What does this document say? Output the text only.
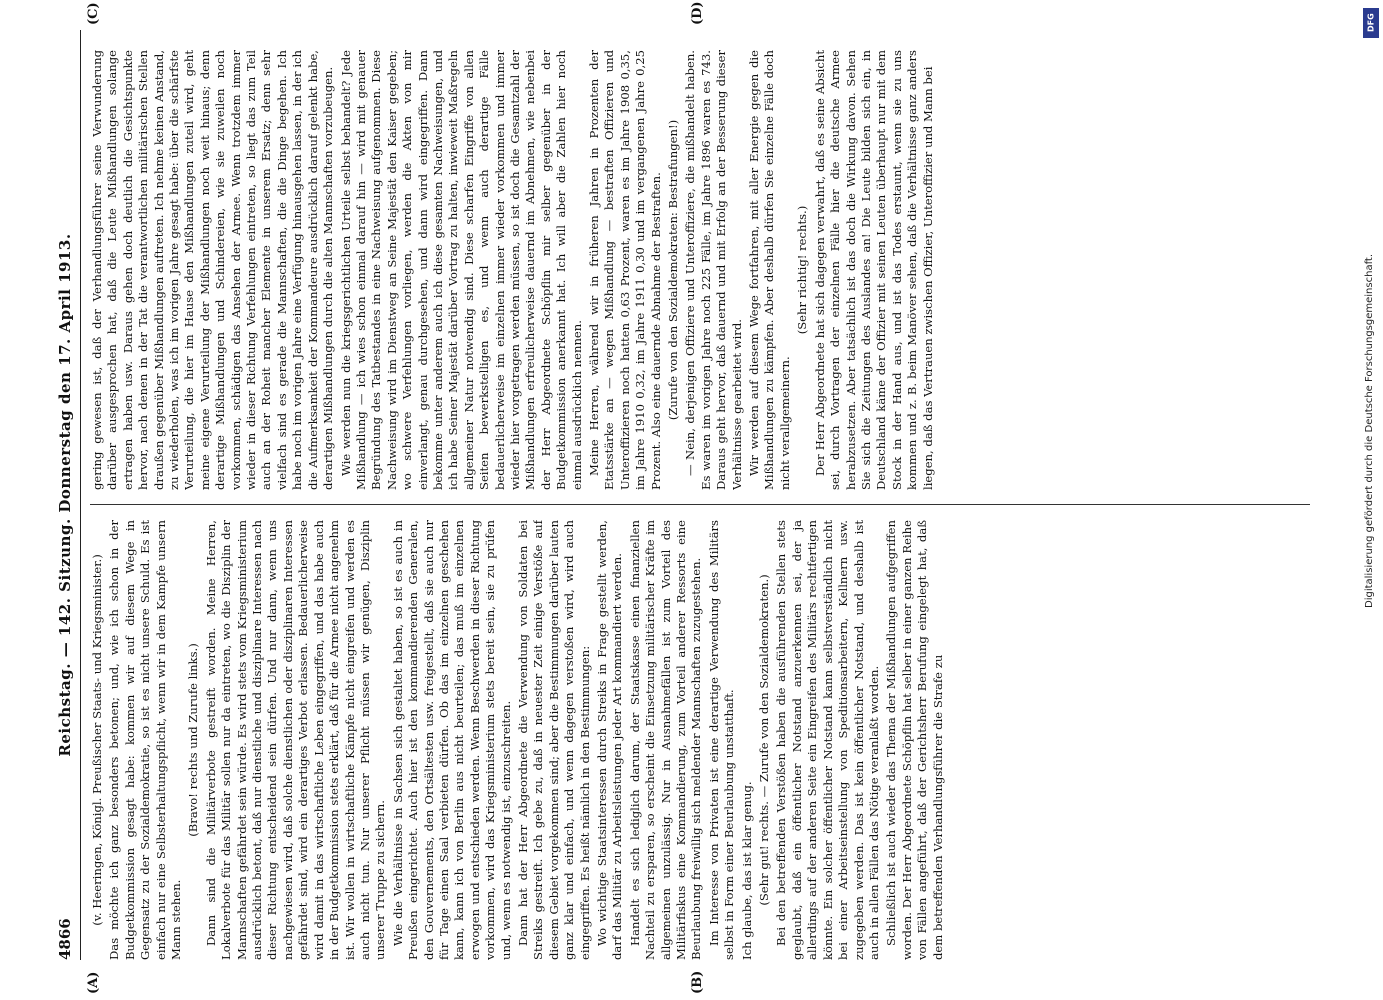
4866
Reichstag. — 142. Sitzung. Donnerstag den 17. April 1913.
(A)	(B)
(C)	(D)

(v. Heeringen, Königl. Preußischer Staats- und Kriegsminister.) Das möchte ich ganz besonders betonen; und, wie ich schon in der Budgetkommission gesagt habe: kommen wir auf diesem Wege in Gegensatz zu der Sozialdemokratie, so ist es nicht unsere Schuld. Es ist einfach nur eine Selbsterhaltungspflicht, wenn wir in dem Kampfe unsern Mann stehen.

(Bravo! rechts und Zurufe links.) Dann sind die Militärverbote gestreift worden. Meine Herren, Lokalverbote für das Militär sollen nur da eintreten, wo die Disziplin der Mannschaften gefährdet sein würde. Es wird stets vom Kriegsministerium ausdrücklich betont, daß nur dienstliche und disziplinare Interessen nach dieser Richtung entscheidend sein dürfen. Und nur dann, wenn uns nachgewiesen wird, daß solche dienstlichen oder disziplinaren Interessen gefährdet sind, wird ein derartiges Verbot erlassen. Bedauerlicherweise wird damit in das wirtschaftliche Leben eingegriffen, und das habe auch in der Budgetkommission stets erklärt, daß für die Armee nicht angenehm ist. Wir wollen in wirtschaftliche Kämpfe nicht eingreifen und werden es auch nicht tun. Nur unserer Pflicht müssen wir genügen, Disziplin unserer Truppe zu sichern. Wie die Verhältnisse in Sachsen sich gestaltet haben, so ist es auch in Preußen eingerichtet. Auch hier ist den kommandierenden Generalen, den Gouvernements, den Ortsältesten usw. freigestellt, daß sie auch nur für Tage einen Saal verbieten dürfen. Ob das im einzelnen geschehen kann, kann ich von Berlin aus nicht beurteilen; das muß im einzelnen erwogen und entschieden werden. Wenn Beschwerden in dieser Richtung vorkommen, wird das Kriegsministerium stets bereit sein, sie zu prüfen und, wenn es notwendig ist, einzuschreiten. Dann hat der Herr Abgeordnete die Verwendung von Soldaten bei Streiks gestreift. Ich gebe zu, daß in neuester Zeit einige Verstöße auf diesem Gebiet vorgekommen sind; aber die Bestimmungen darüber lauten ganz klar und einfach, und wenn dagegen verstoßen wird, wird auch eingegriffen. Es heißt nämlich in den Bestimmungen: Wo wichtige Staatsinteressen durch Streiks in Frage gestellt werden, darf das Militär zu Arbeitsleistungen jeder Art kommandiert werden. Handelt es sich lediglich darum, der Staatskasse einen finanziellen Nachteil zu ersparen, so erscheint die Einsetzung militärischer Kräfte im allgemeinen unzulässig. Nur in Ausnahmefällen ist zum Vorteil des Militärfiskus eine Kommandierung, zum Vorteil anderer Ressorts eine Beurlaubung freiwillig sich meldender Mannschaften zuzugestehen. Im Interesse von Privaten ist eine derartige Verwendung des Militärs selbst in Form einer Beurlaubung unstatthaft. Ich glaube, das ist klar genug. (Sehr gut! rechts. — Zurufe von den Sozialdemokraten.) Bei den betreffenden Verstößen haben die ausführenden Stellen stets geglaubt, daß ein öffentlicher Notstand anzuerkennen sei, der ja allerdings auf der anderen Seite ein Eingreifen des Militärs rechtfertigen könnte. Ein solcher öffentlicher Notstand kann selbstverständlich nicht bei einer Arbeitseinstellung von Speditionsarbeitern, Kellnern usw. zugegeben werden. Das ist kein öffentlicher Notstand, und deshalb ist auch in allen Fällen das Nötige veranlaßt worden. Schließlich ist auch wieder das Thema der Mißhandlungen aufgegriffen worden. Der Herr Abgeordnete Schöpflin hat selber in einer ganzen Reihe von Fällen angeführt, daß der Gerichtsherr Berufung eingelegt hat, daß dem betreffenden Verhandlungsführer die Strafe zu

gering gewesen ist, daß der Verhandlungsführer seine Verwunderung darüber ausgesprochen hat, daß die Leute Mißhandlungen solange ertragen haben usw. Daraus gehen doch deutlich die Gesichtspunkte hervor, nach denen in der Tat die verantwortlichen militärischen Stellen draußen gegenüber Mißhandlungen auftreten. Ich nehme keinen Anstand, zu wiederholen, was ich im vorigen Jahre gesagt habe: über die schärfste Verurteilung, die hier im Hause den Mißhandlungen zuteil wird, geht meine eigene Verurteilung der Mißhandlungen noch weit hinaus; denn derartige Mißhandlungen und Schindereien, wie sie zuweilen noch vorkommen, schädigen das Ansehen der Armee. Wenn trotzdem immer wieder in dieser Richtung Verfehlungen eintreten, so liegt das zum Teil auch an der Roheit mancher Elemente in unserem Ersatz; denn sehr vielfach sind es gerade die Mannschaften, die die Dinge begehen. Ich habe noch im vorigen Jahre eine Verfügung hinausgehen lassen, in der ich die Aufmerksamkeit der Kommandeure ausdrücklich darauf gelenkt habe, derartigen Mißhandlungen durch die alten Mannschaften vorzubeugen. Wie werden nun die kriegsgerichtlichen Urteile selbst behandelt? Jede Mißhandlung — ich wies schon einmal darauf hin — wird mit genauer Begründung des Tatbestandes in eine Nachweisung aufgenommen. Diese Nachweisung wird im Dienstweg an Seine Majestät den Kaiser gegeben; wo schwere Verfehlungen vorliegen, werden die Akten von mir einverlangt, genau durchgesehen, und dann wird eingegriffen. Dann bekomme unter anderem auch ich diese gesamten Nachweisungen, und ich habe Seiner Majestät darüber Vortrag zu halten, inwieweit Maßregeln allgemeiner Natur notwendig sind. Diese scharfen Eingriffe von allen Seiten bewerkstelligen es, und wenn auch derartige Fälle bedauerlicherweise im einzelnen immer wieder vorkommen und immer wieder hier vorgetragen werden müssen, so ist doch die Gesamtzahl der Mißhandlungen erfreulicherweise dauernd im Abnehmen, wie nebenbei der Herr Abgeordnete Schöpflin mir selber gegenüber in der Budgetkommission anerkannt hat. Ich will aber die Zahlen hier noch einmal ausdrücklich nennen. Meine Herren, während wir in früheren Jahren in Prozenten der Etatsstärke an — wegen Mißhandlung — bestraften Offizieren und Unteroffizieren noch hatten 0,63 Prozent, waren es im Jahre 1908 0,35, im Jahre 1910 0,32, im Jahre 1911 0,30 und im vergangenen Jahre 0,25 Prozent. Also eine dauernde Abnahme der Bestraften. (Zurufe von den Sozialdemokraten: Bestrafungen!) — Nein, derjenigen Offiziere und Unteroffiziere, die mißhandelt haben. Es waren im vorigen Jahre noch 225 Fälle, im Jahre 1896 waren es 743. Daraus geht hervor, daß dauernd und mit Erfolg an der Besserung dieser Verhältnisse gearbeitet wird. Wir werden auf diesem Wege fortfahren, mit aller Energie gegen die Mißhandlungen zu kämpfen. Aber deshalb dürfen Sie einzelne Fälle doch nicht verallgemeinern.

(Sehr richtig! rechts.) Der Herr Abgeordnete hat sich dagegen verwahrt, daß es seine Absicht sei, durch Vortragen der einzelnen Fälle hier die deutsche Armee herabzusetzen. Aber tatsächlich ist das doch die Wirkung davon. Sehen Sie sich die Zeitungen des Auslandes an! Die Leute bilden sich ein, in Deutschland käme der Offizier mit seinen Leuten überhaupt nur mit dem Stock in der Hand aus, und ist das Todes erstaunt, wenn sie zu uns kommen und z. B. beim Manöver sehen, daß die Verhältnisse ganz anders liegen, daß das Vertrauen zwischen Offizier, Unteroffizier und Mann bei	Digitalisierung gefördert durch die Deutsche Forschungsgemeinschaft.
DFG
